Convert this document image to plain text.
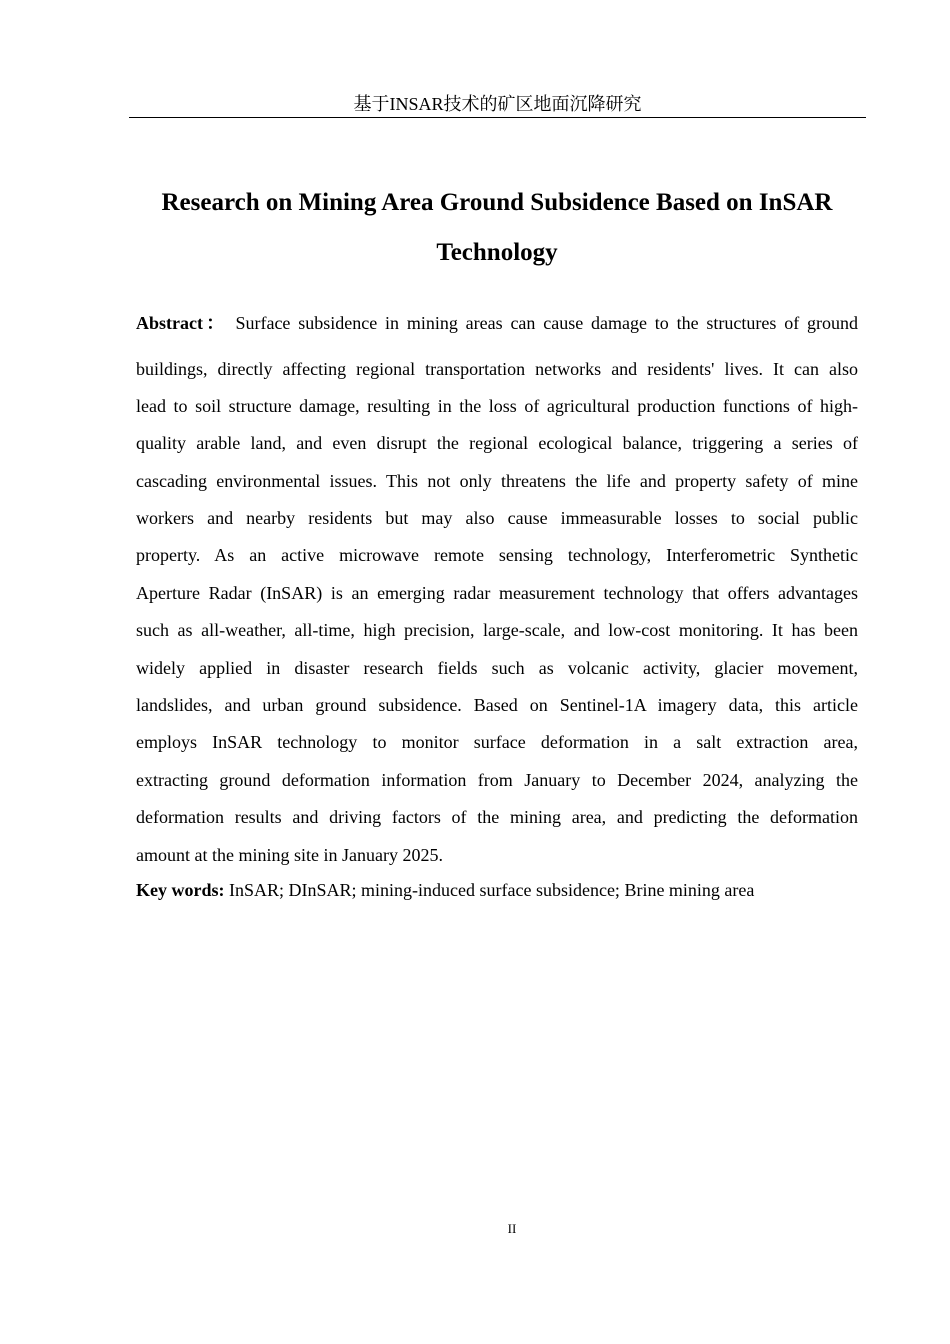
基于INSAR技术的矿区地面沉降研究
Research on Mining Area Ground Subsidence Based on InSAR
Technology
Abstract： Surface subsidence in mining areas can cause damage to the structures of ground
buildings, directly affecting regional transportation networks and residents' lives. It can also
lead to soil structure damage, resulting in the loss of agricultural production functions of high-
quality arable land, and even disrupt the regional ecological balance, triggering a series of
cascading environmental issues. This not only threatens the life and property safety of mine
workers and nearby residents but may also cause immeasurable losses to social public
property. As an active microwave remote sensing technology, Interferometric Synthetic
Aperture Radar (InSAR) is an emerging radar measurement technology that offers advantages
such as all-weather, all-time, high precision, large-scale, and low-cost monitoring. It has been
widely applied in disaster research fields such as volcanic activity, glacier movement,
landslides, and urban ground subsidence. Based on Sentinel-1A imagery data, this article
employs InSAR technology to monitor surface deformation in a salt extraction area,
extracting ground deformation information from January to December 2024, analyzing the
deformation results and driving factors of the mining area, and predicting the deformation
amount at the mining site in January 2025.
Key words: InSAR; DInSAR; mining-induced surface subsidence; Brine mining area
II
